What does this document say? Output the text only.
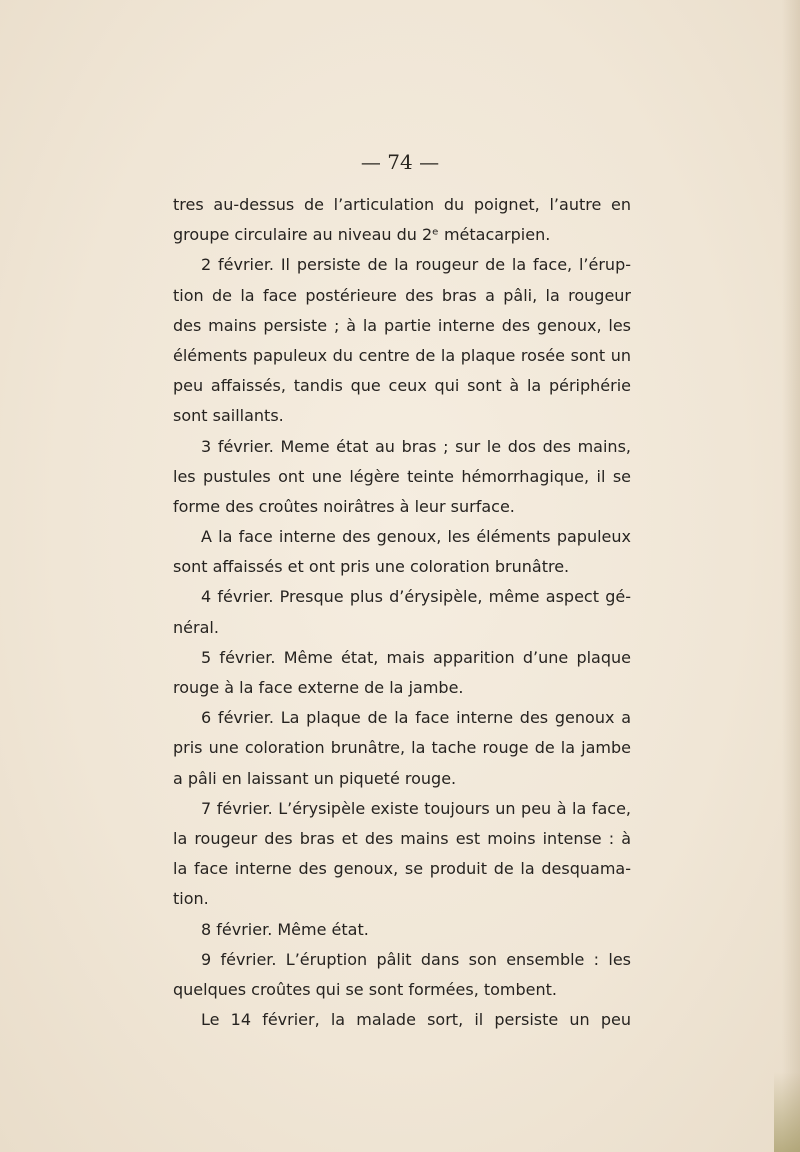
— 74 —
tres au-dessus de l’articulation du poignet, l’autre en
groupe circulaire au niveau du 2ᵉ métacarpien.
2 février. Il persiste de la rougeur de la face, l’érup-
tion de la face postérieure des bras a pâli, la rougeur
des mains persiste ; à la partie interne des genoux, les
éléments papuleux du centre de la plaque rosée sont un
peu affaissés, tandis que ceux qui sont à la périphérie
sont saillants.
3 février. Meme état au bras ; sur le dos des mains,
les pustules ont une légère teinte hémorrhagique, il se
forme des croûtes noirâtres à leur surface.
A la face interne des genoux, les éléments papuleux
sont affaissés et ont pris une coloration brunâtre.
4 février. Presque plus d’érysipèle, même aspect gé-
néral.
5 février. Même état, mais apparition d’une plaque
rouge à la face externe de la jambe.
6 février. La plaque de la face interne des genoux a
pris une coloration brunâtre, la tache rouge de la jambe
a pâli en laissant un piqueté rouge.
7 février. L’érysipèle existe toujours un peu à la face,
la rougeur des bras et des mains est moins intense : à
la face interne des genoux, se produit de la desquama-
tion.
8 février. Même état.
9 février. L’éruption pâlit dans son ensemble : les
quelques croûtes qui se sont formées, tombent.
Le 14 février, la malade sort, il persiste un peu
